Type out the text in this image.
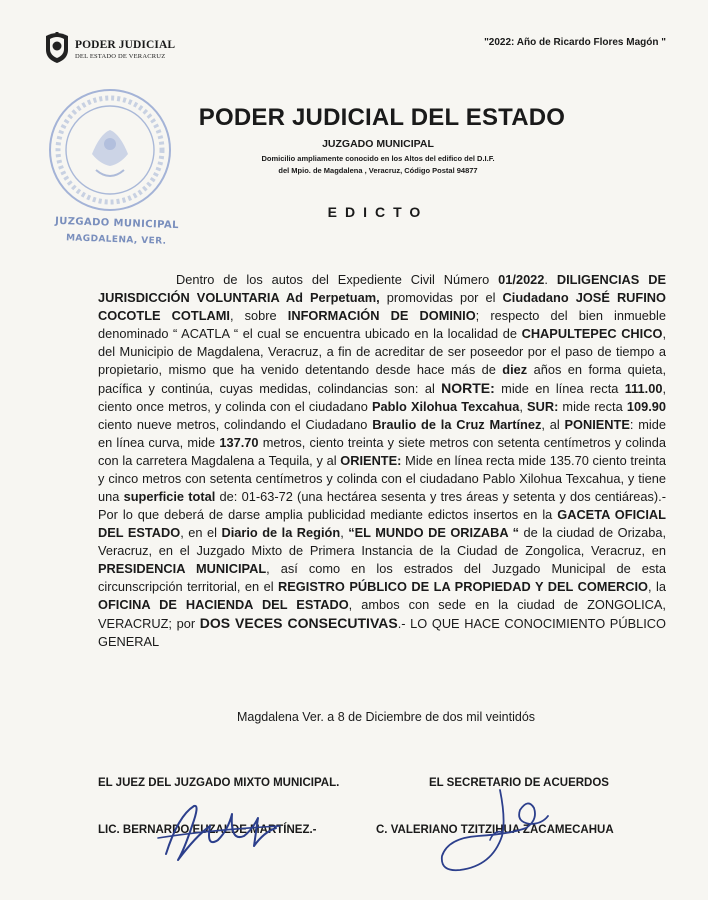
PODER JUDICIAL
DEL ESTADO DE VERACRUZ
"2022: Año de Ricardo Flores Magón "
JUZGADO MUNICIPAL
MAGDALENA, VER.
PODER JUDICIAL DEL ESTADO
JUZGADO MUNICIPAL
Domicilio ampliamente conocido en los Altos del edifico del D.I.F.
del Mpio. de Magdalena , Veracruz, Código Postal 94877
EDICTO

Dentro de los autos del Expediente Civil Número 01/2022. DILIGENCIAS DE JURISDICCIÓN VOLUNTARIA Ad Perpetuam, promovidas por el Ciudadano JOSÉ RUFINO COCOTLE COTLAMI, sobre INFORMACIÓN DE DOMINIO; respecto del bien inmueble denominado “ ACATLA “ el cual se encuentra ubicado en la localidad de CHAPULTEPEC CHICO, del Municipio de Magdalena, Veracruz, a fin de acreditar de ser poseedor por el paso de tiempo a propietario, mismo que ha venido detentando desde hace más de diez años en forma quieta, pacífica y continúa, cuyas medidas, colindancias son: al NORTE: mide en línea recta 111.00, ciento once metros, y colinda con el ciudadano Pablo Xilohua Texcahua, SUR: mide recta 109.90 ciento nueve metros, colindando el Ciudadano Braulio de la Cruz Martínez, al PONIENTE: mide en línea curva, mide 137.70 metros, ciento treinta y siete metros con setenta centímetros y colinda con la carretera Magdalena a Tequila, y al ORIENTE: Mide en línea recta mide 135.70 ciento treinta y cinco metros con setenta centímetros y colinda con el ciudadano Pablo Xilohua Texcahua, y tiene una superficie total de: 01-63-72 (una hectárea sesenta y tres áreas y setenta y dos centiáreas).- Por lo que deberá de darse amplia publicidad mediante edictos insertos en la GACETA OFICIAL DEL ESTADO, en el Diario de la Región, “EL MUNDO DE ORIZABA “ de la ciudad de Orizaba, Veracruz, en el Juzgado Mixto de Primera Instancia de la Ciudad de Zongolica, Veracruz, en PRESIDENCIA MUNICIPAL, así como en los estrados del Juzgado Municipal de esta circunscripción territorial, en el REGISTRO PÚBLICO DE LA PROPIEDAD Y DEL COMERCIO, la OFICINA DE HACIENDA DEL ESTADO, ambos con sede en la ciudad de ZONGOLICA, VERACRUZ; por DOS VECES CONSECUTIVAS.- LO QUE HACE CONOCIMIENTO PÚBLICO GENERAL

Magdalena Ver. a 8 de Diciembre de dos mil veintidós
EL JUEZ DEL JUZGADO MIXTO MUNICIPAL.	EL SECRETARIO DE ACUERDOS
LIC. BERNARDO EUZALDE MARTÍNEZ.-	C. VALERIANO TZITZIHUA ZACAMECAHUA
